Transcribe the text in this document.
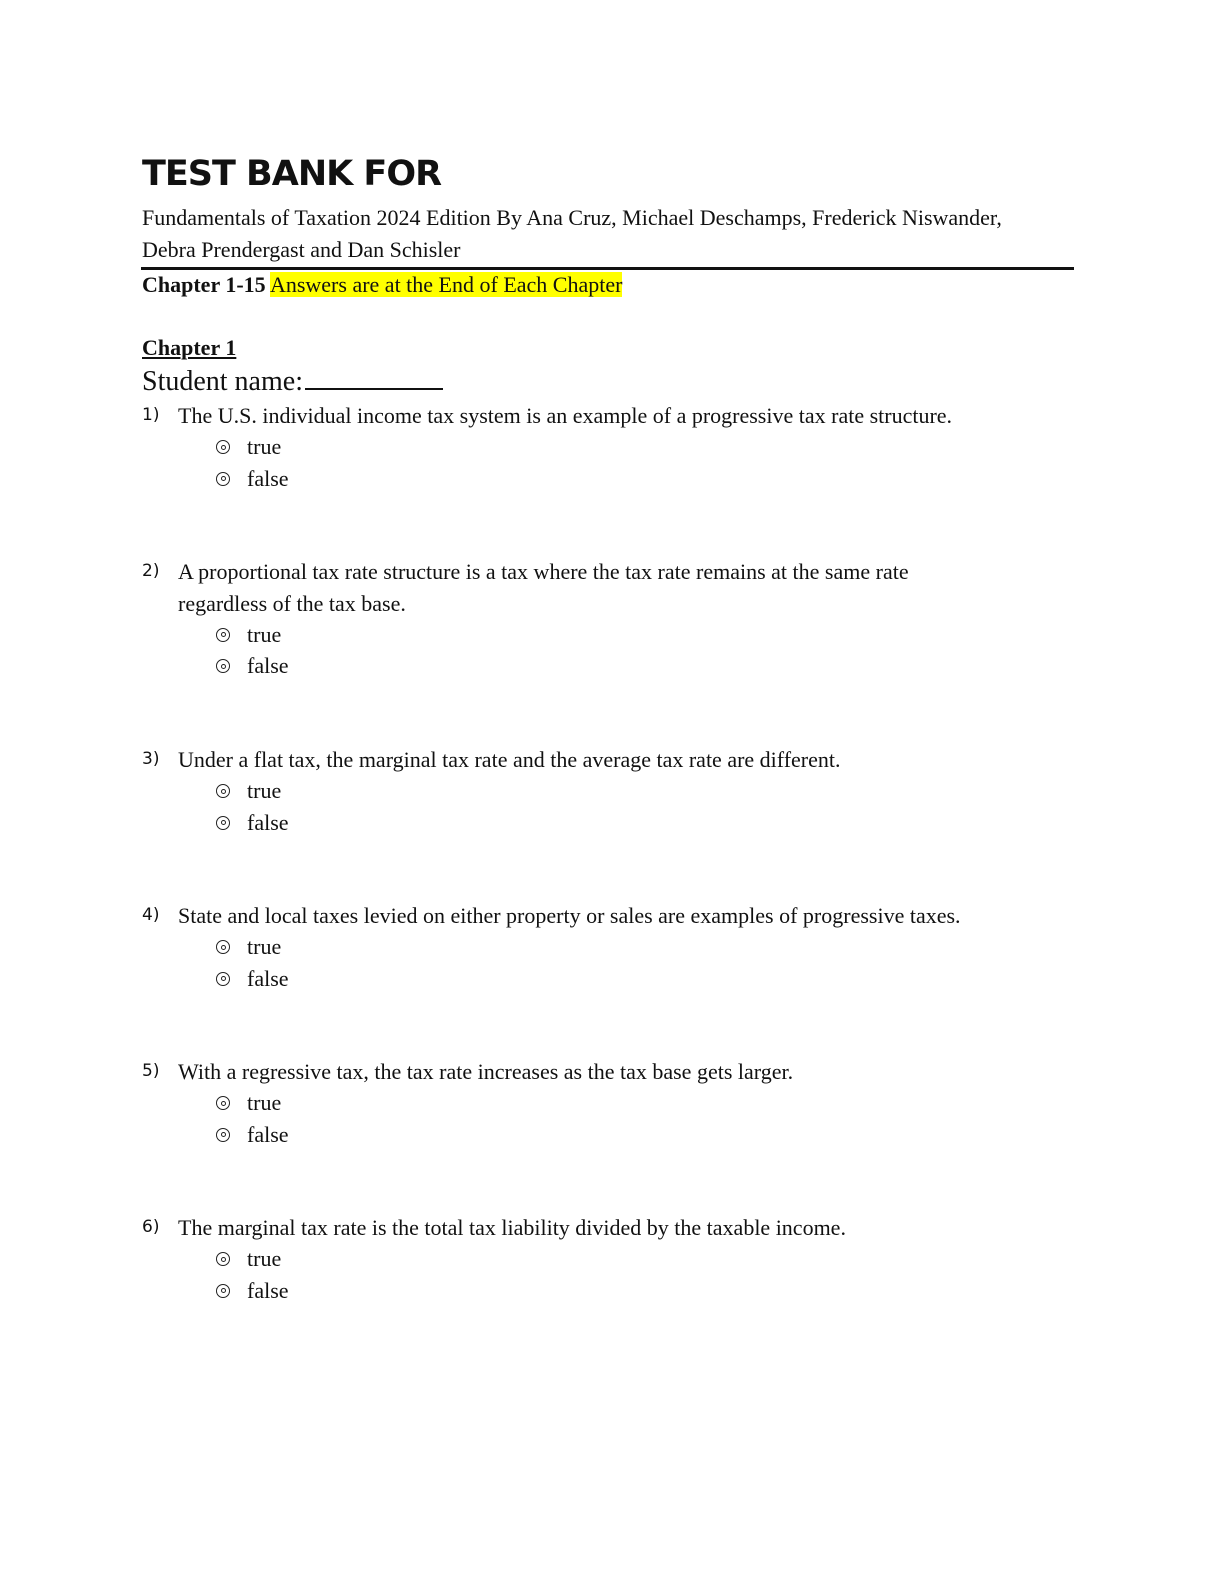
TEST BANK FOR
Fundamentals of Taxation 2024 Edition By Ana Cruz, Michael Deschamps, Frederick Niswander, Debra Prendergast and Dan Schisler
Chapter 1-15 Answers are at the End of Each Chapter
Chapter 1
Student name:
1) The U.S. individual income tax system is an example of a progressive tax rate structure.
true
false
2) A proportional tax rate structure is a tax where the tax rate remains at the same rate regardless of the tax base.
true
false
3) Under a flat tax, the marginal tax rate and the average tax rate are different.
true
false
4) State and local taxes levied on either property or sales are examples of progressive taxes.
true
false
5) With a regressive tax, the tax rate increases as the tax base gets larger.
true
false
6) The marginal tax rate is the total tax liability divided by the taxable income.
true
false
